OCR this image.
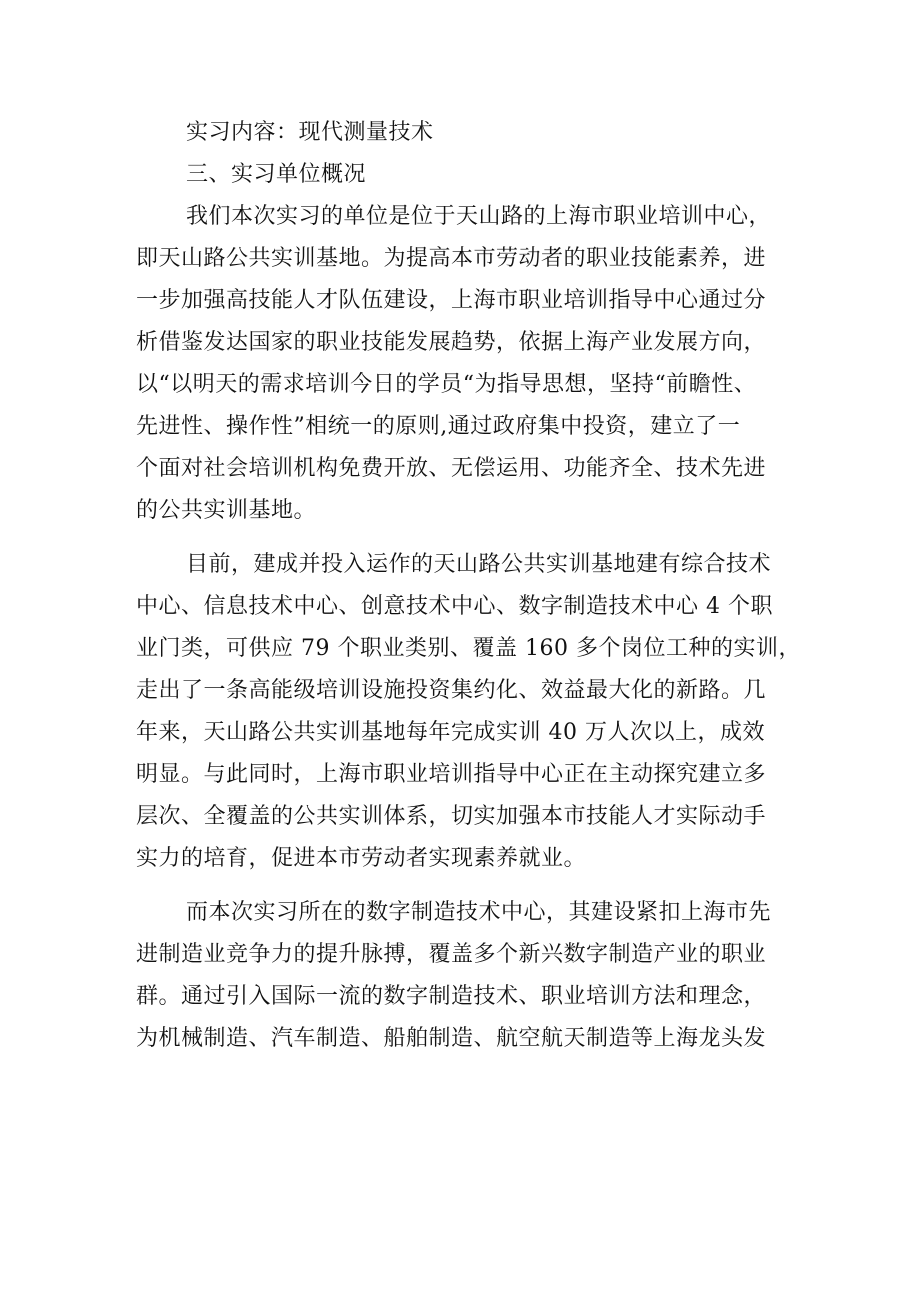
实习内容：现代测量技术
三、实习单位概况
我们本次实习的单位是位于天山路的上海市职业培训中心，
即天山路公共实训基地。为提高本市劳动者的职业技能素养，进
一步加强高技能人才队伍建设，上海市职业培训指导中心通过分
析借鉴发达国家的职业技能发展趋势，依据上海产业发展方向，
以“以明天的需求培训今日的学员“为指导思想，坚持“前瞻性、
先进性、操作性”相统一的原则,通过政府集中投资，建立了一
个面对社会培训机构免费开放、无偿运用、功能齐全、技术先进
的公共实训基地。
目前，建成并投入运作的天山路公共实训基地建有综合技术
中心、信息技术中心、创意技术中心、数字制造技术中心 4 个职
业门类，可供应 79 个职业类别、覆盖 160 多个岗位工种的实训，
走出了一条高能级培训设施投资集约化、效益最大化的新路。几
年来，天山路公共实训基地每年完成实训 40 万人次以上，成效
明显。与此同时，上海市职业培训指导中心正在主动探究建立多
层次、全覆盖的公共实训体系，切实加强本市技能人才实际动手
实力的培育，促进本市劳动者实现素养就业。
而本次实习所在的数字制造技术中心，其建设紧扣上海市先
进制造业竞争力的提升脉搏，覆盖多个新兴数字制造产业的职业
群。通过引入国际一流的数字制造技术、职业培训方法和理念，
为机械制造、汽车制造、船舶制造、航空航天制造等上海龙头发
